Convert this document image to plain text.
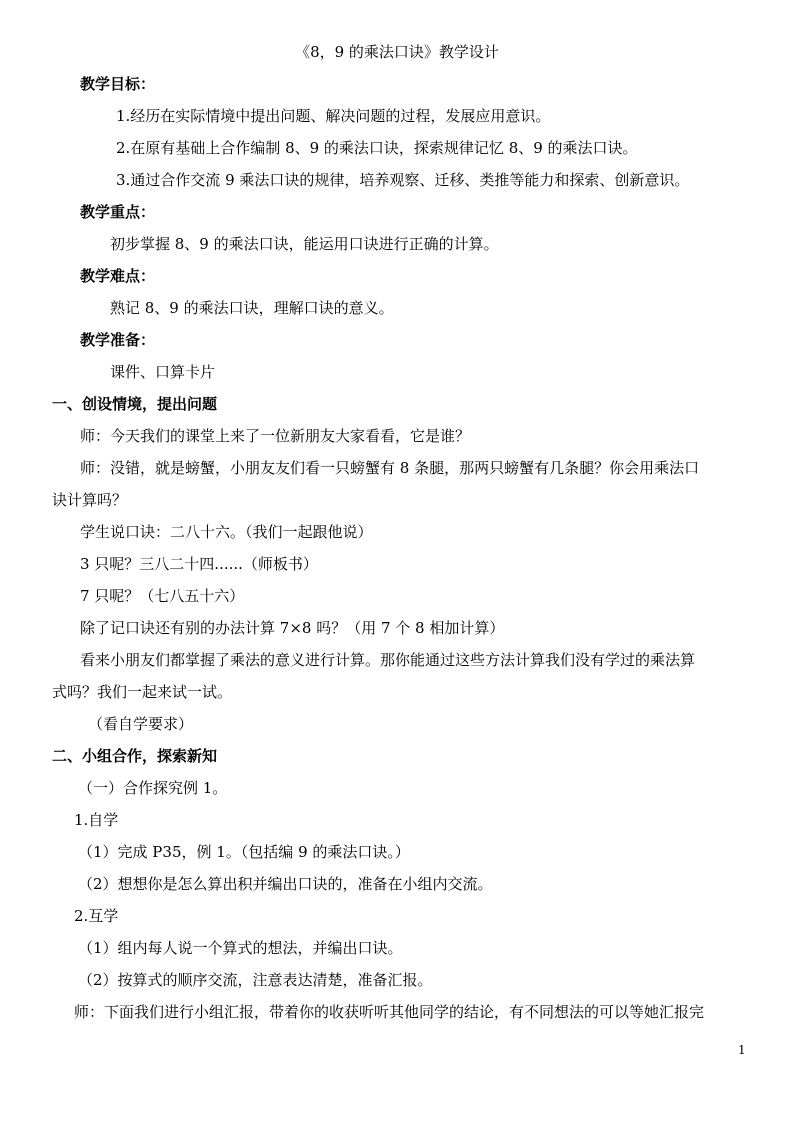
《8，9 的乘法口诀》教学设计
教学目标：
1.经历在实际情境中提出问题、解决问题的过程，发展应用意识。
2.在原有基础上合作编制 8、9 的乘法口诀，探索规律记忆 8、9 的乘法口诀。
3.通过合作交流 9 乘法口诀的规律，培养观察、迁移、类推等能力和探索、创新意识。
教学重点：
初步掌握 8、9 的乘法口诀，能运用口诀进行正确的计算。
教学难点：
熟记 8、9 的乘法口诀，理解口诀的意义。
教学准备：
课件、口算卡片
一、创设情境，提出问题
师：今天我们的课堂上来了一位新朋友大家看看，它是谁？
师：没错，就是螃蟹，小朋友友们看一只螃蟹有 8 条腿，那两只螃蟹有几条腿？你会用乘法口
诀计算吗？
学生说口诀：二八十六。（我们一起跟他说）
3 只呢？三八二十四......（师板书）
7 只呢？（七八五十六）
除了记口诀还有别的办法计算 7×8 吗？（用 7 个 8 相加计算）
看来小朋友们都掌握了乘法的意义进行计算。那你能通过这些方法计算我们没有学过的乘法算
式吗？我们一起来试一试。
（看自学要求）
二、小组合作，探索新知
（一）合作探究例 1。
1.自学
（1）完成 P35，例 1。（包括编 9 的乘法口诀。）
（2）想想你是怎么算出积并编出口诀的，准备在小组内交流。
2.互学
（1）组内每人说一个算式的想法，并编出口诀。
（2）按算式的顺序交流，注意表达清楚，准备汇报。
师：下面我们进行小组汇报，带着你的收获听听其他同学的结论，有不同想法的可以等她汇报完
1
